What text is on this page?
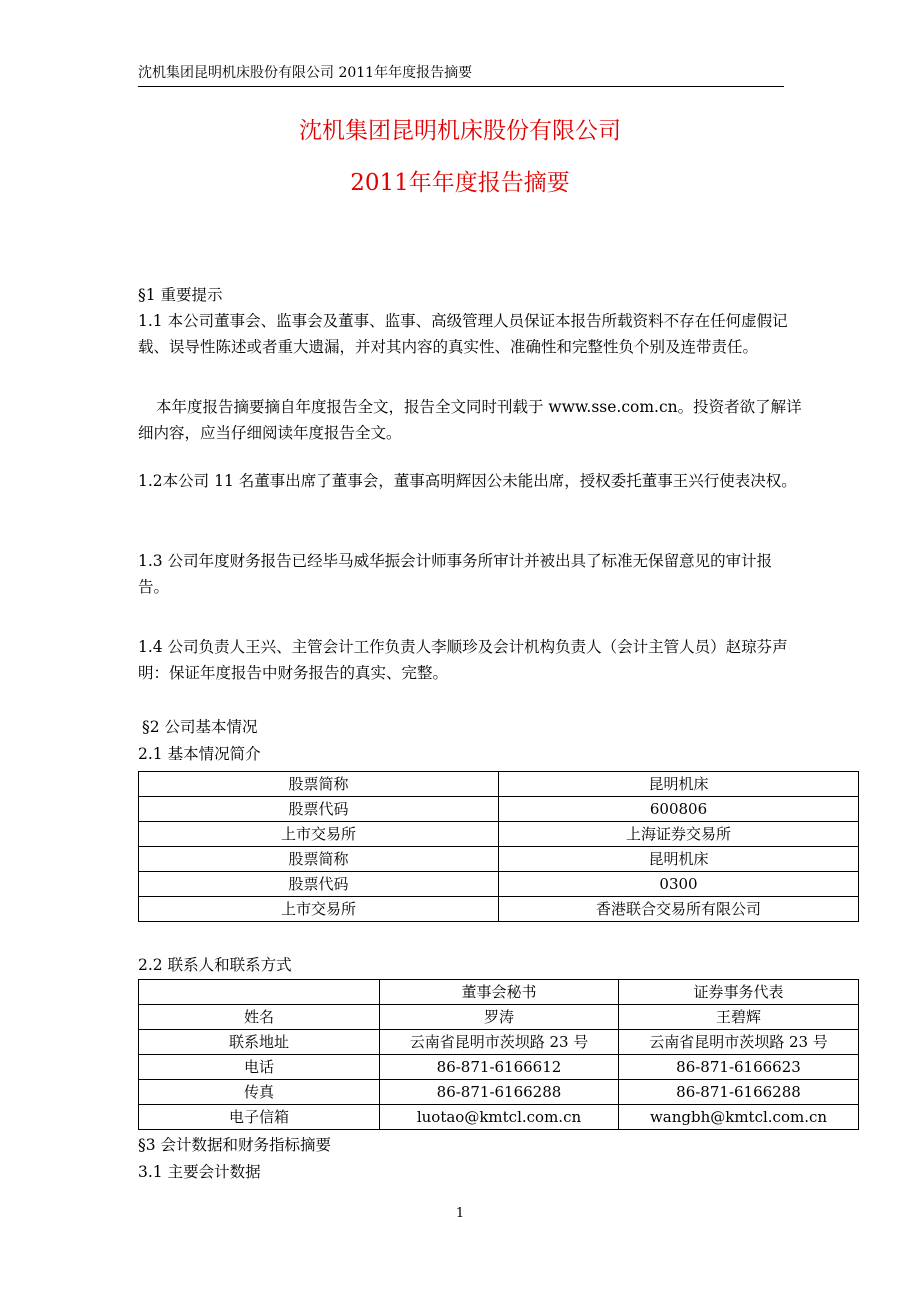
沈机集团昆明机床股份有限公司 2011年年度报告摘要
沈机集团昆明机床股份有限公司
2011年年度报告摘要

§1 重要提示

1.1 本公司董事会、监事会及董事、监事、高级管理人员保证本报告所载资料不存在任何虚假记载、误导性陈述或者重大遗漏，并对其内容的真实性、准确性和完整性负个别及连带责任。

本年度报告摘要摘自年度报告全文，报告全文同时刊载于 www.sse.com.cn。投资者欲了解详细内容，应当仔细阅读年度报告全文。

1.2本公司 11 名董事出席了董事会，董事高明辉因公未能出席，授权委托董事王兴行使表决权。

1.3 公司年度财务报告已经毕马威华振会计师事务所审计并被出具了标准无保留意见的审计报告。

1.4 公司负责人王兴、主管会计工作负责人李顺珍及会计机构负责人（会计主管人员）赵琼芬声明：保证年度报告中财务报告的真实、完整。

§2 公司基本情况

2.1 基本情况简介

股票简称	昆明机床
股票代码	600806
上市交易所	上海证券交易所
股票简称	昆明机床
股票代码	0300
上市交易所	香港联合交易所有限公司

2.2 联系人和联系方式

	董事会秘书	证券事务代表
姓名	罗涛	王碧辉
联系地址	云南省昆明市茨坝路 23 号	云南省昆明市茨坝路 23 号
电话	86-871-6166612	86-871-6166623
传真	86-871-6166288	86-871-6166288
电子信箱	luotao@kmtcl.com.cn	wangbh@kmtcl.com.cn

§3 会计数据和财务指标摘要

3.1 主要会计数据

1
